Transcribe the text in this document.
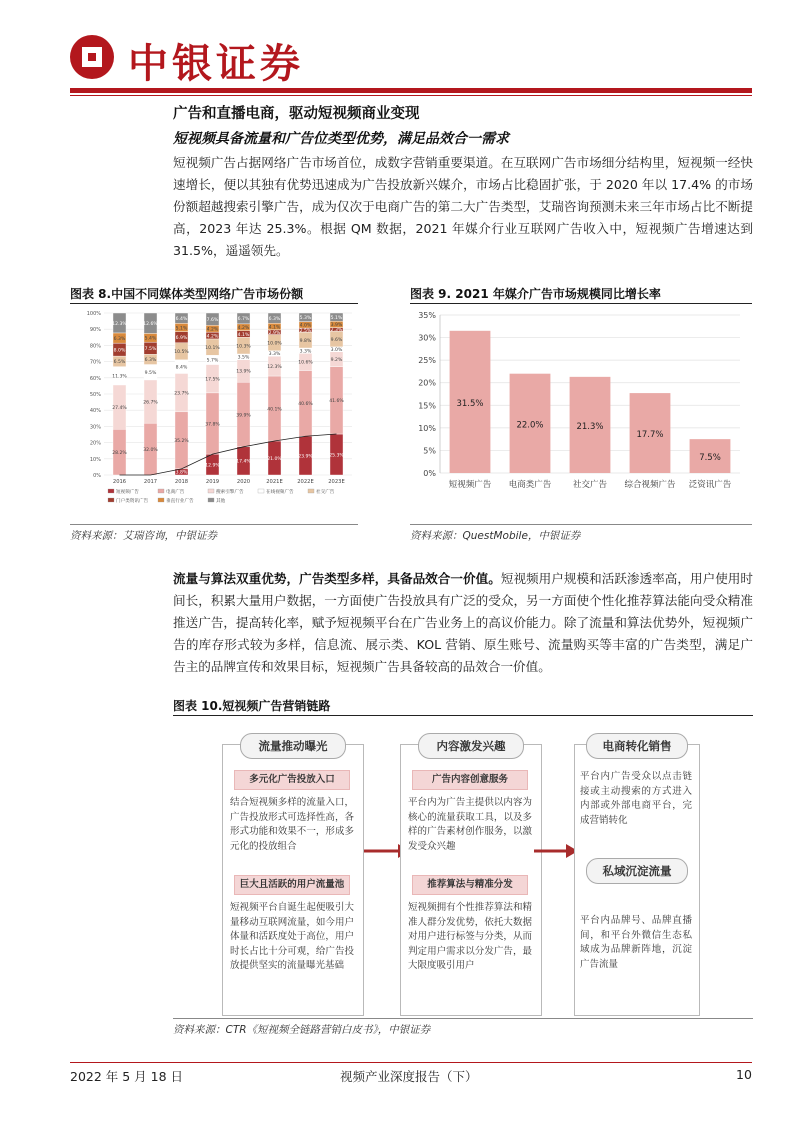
中银证券
广告和直播电商，驱动短视频商业变现
短视频具备流量和广告位类型优势，满足品效合一需求
短视频广告占据网络广告市场首位，成数字营销重要渠道。在互联网广告市场细分结构里，短视频一经快速增长，便以其独有优势迅速成为广告投放新兴媒介，市场占比稳固扩张，于 2020 年以 17.4% 的市场份额超越搜索引擎广告，成为仅次于电商广告的第二大广告类型，艾瑞咨询预测未来三年市场占比不断提高，2023 年达 25.3%。根据 QM 数据，2021 年媒介行业互联网广告收入中，短视频广告增速达到 31.5%，遥遥领先。
图表 8.中国不同媒体类型网络广告市场份额
0%
10%
20%
30%
40%
50%
60%
70%
80%
90%
100%
28.2%
27.4%
11.3%
6.5%
8.0%
6.3%
12.3%
2016
32.0%
26.7%
9.5%
6.3%
7.5%
5.4%
12.6%
2017
3.8%
35.2%
23.7%
8.4%
10.5%
6.9%
5.1%
6.4%
2018
12.9%
37.8%
17.5%
5.7%
10.1%
4.2%
4.2%
7.6%
2019
17.4%
39.9%
13.9%
3.5%
10.3%
4.1%
4.2%
6.7%
2020
21.0%
40.1%
12.3%
3.3%
10.0%
2.9%
4.1%
6.3%
2021E
23.9%
40.6%
10.6%
3.3%
9.8%
2.5%
4.0%
5.3%
2022E
25.3%
41.6%
9.2%
3.0%
9.6%
2.3%
3.9%
5.1%
2023E
短视频广告	电商广告	搜索引擎广告	在线视频广告	社交广告
门户类资讯广告	垂直行业广告	其他
资料来源：艾瑞咨询，中银证券
图表 9. 2021 年媒介广告市场规模同比增长率
0%
5%
10%
15%
20%
25%
30%
35%
31.5%
短视频广告
22.0%
电商类广告
21.3%
社交广告
17.7%
综合视频广告
7.5%
泛资讯广告
资料来源：QuestMobile，中银证券
流量与算法双重优势，广告类型多样，具备品效合一价值。短视频用户规模和活跃渗透率高，用户使用时间长，积累大量用户数据，一方面使广告投放具有广泛的受众，另一方面使个性化推荐算法能向受众精准推送广告，提高转化率，赋予短视频平台在广告业务上的高议价能力。除了流量和算法优势外，短视频广告的库存形式较为多样，信息流、展示类、KOL 营销、原生账号、流量购买等丰富的广告类型，满足广告主的品牌宣传和效果目标，短视频广告具备较高的品效合一价值。
图表 10.短视频广告营销链路
流量推动曝光
多元化广告投放入口
结合短视频多样的流量入口，广告投放形式可选择性高，各形式功能和效果不一，形成多元化的投放组合
巨大且活跃的用户流量池
短视频平台自诞生起便吸引大量移动互联网流量，如今用户体量和活跃度处于高位，用户时长占比十分可观，给广告投放提供坚实的流量曝光基础
内容激发兴趣
广告内容创意服务
平台内为广告主提供以内容为核心的流量获取工具，以及多样的广告素材创作服务，以激发受众兴趣
推荐算法与精准分发
短视频拥有个性推荐算法和精准人群分发优势，依托大数据对用户进行标签与分类，从而判定用户需求以分发广告，最大限度吸引用户
电商转化销售
平台内广告受众以点击链接或主动搜索的方式进入内部或外部电商平台，完成营销转化
私域沉淀流量
平台内品牌号、品牌直播间，和平台外微信生态私域成为品牌新阵地，沉淀广告流量
资料来源：CTR《短视频全链路营销白皮书》，中银证券
2022 年 5 月 18 日	视频产业深度报告（下）	10
